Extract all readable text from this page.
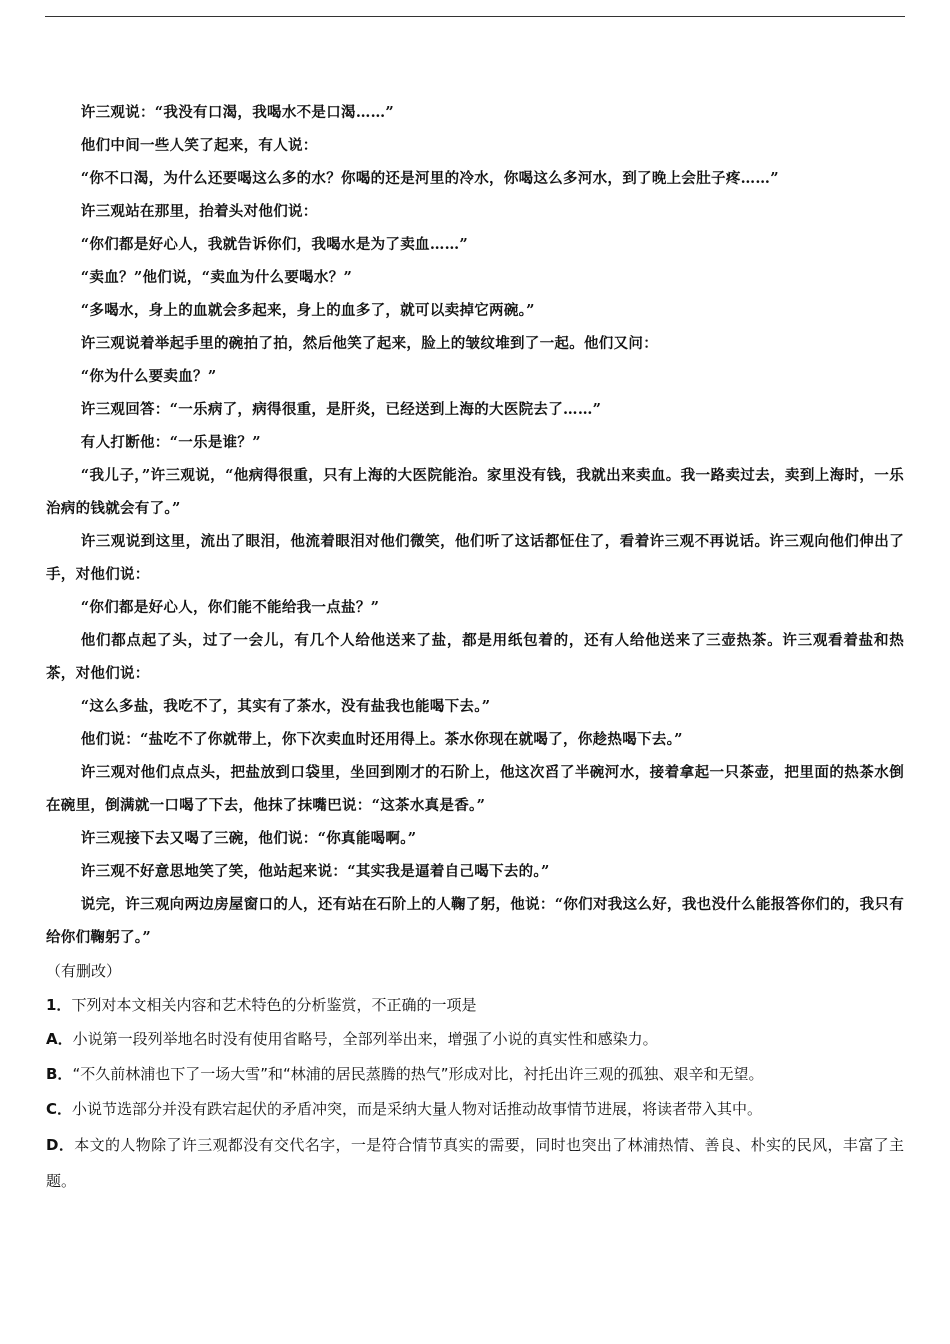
许三观说：“我没有口渴，我喝水不是口渴……”

他们中间一些人笑了起来，有人说：

“你不口渴，为什么还要喝这么多的水？你喝的还是河里的冷水，你喝这么多河水，到了晚上会肚子疼……”

许三观站在那里，抬着头对他们说：

“你们都是好心人，我就告诉你们，我喝水是为了卖血……”

“卖血？”他们说，“卖血为什么要喝水？”

“多喝水，身上的血就会多起来，身上的血多了，就可以卖掉它两碗。”

许三观说着举起手里的碗拍了拍，然后他笑了起来，脸上的皱纹堆到了一起。他们又问：

“你为什么要卖血？”

许三观回答：“一乐病了，病得很重，是肝炎，已经送到上海的大医院去了……”

有人打断他：“一乐是谁？”

“我儿子，”许三观说，“他病得很重，只有上海的大医院能治。家里没有钱，我就出来卖血。我一路卖过去，卖到上海时，一乐治病的钱就会有了。”

许三观说到这里，流出了眼泪，他流着眼泪对他们微笑，他们听了这话都怔住了，看着许三观不再说话。许三观向他们伸出了手，对他们说：

“你们都是好心人，你们能不能给我一点盐？”

他们都点起了头，过了一会儿，有几个人给他送来了盐，都是用纸包着的，还有人给他送来了三壶热茶。许三观看着盐和热茶，对他们说：

“这么多盐，我吃不了，其实有了茶水，没有盐我也能喝下去。”

他们说：“盐吃不了你就带上，你下次卖血时还用得上。茶水你现在就喝了，你趁热喝下去。”

许三观对他们点点头，把盐放到口袋里，坐回到刚才的石阶上，他这次舀了半碗河水，接着拿起一只茶壶，把里面的热茶水倒在碗里，倒满就一口喝了下去，他抹了抹嘴巴说：“这茶水真是香。”

许三观接下去又喝了三碗，他们说：“你真能喝啊。”

许三观不好意思地笑了笑，他站起来说：“其实我是逼着自己喝下去的。”

说完，许三观向两边房屋窗口的人，还有站在石阶上的人鞠了躬，他说：“你们对我这么好，我也没什么能报答你们的，我只有给你们鞠躬了。”

（有删改）

1．下列对本文相关内容和艺术特色的分析鉴赏，不正确的一项是

A．小说第一段列举地名时没有使用省略号，全部列举出来，增强了小说的真实性和感染力。

B．“不久前林浦也下了一场大雪”和“林浦的居民蒸腾的热气”形成对比，衬托出许三观的孤独、艰辛和无望。

C．小说节选部分并没有跌宕起伏的矛盾冲突，而是采纳大量人物对话推动故事情节进展，将读者带入其中。

D．本文的人物除了许三观都没有交代名字，一是符合情节真实的需要，同时也突出了林浦热情、善良、朴实的民风，丰富了主题。
